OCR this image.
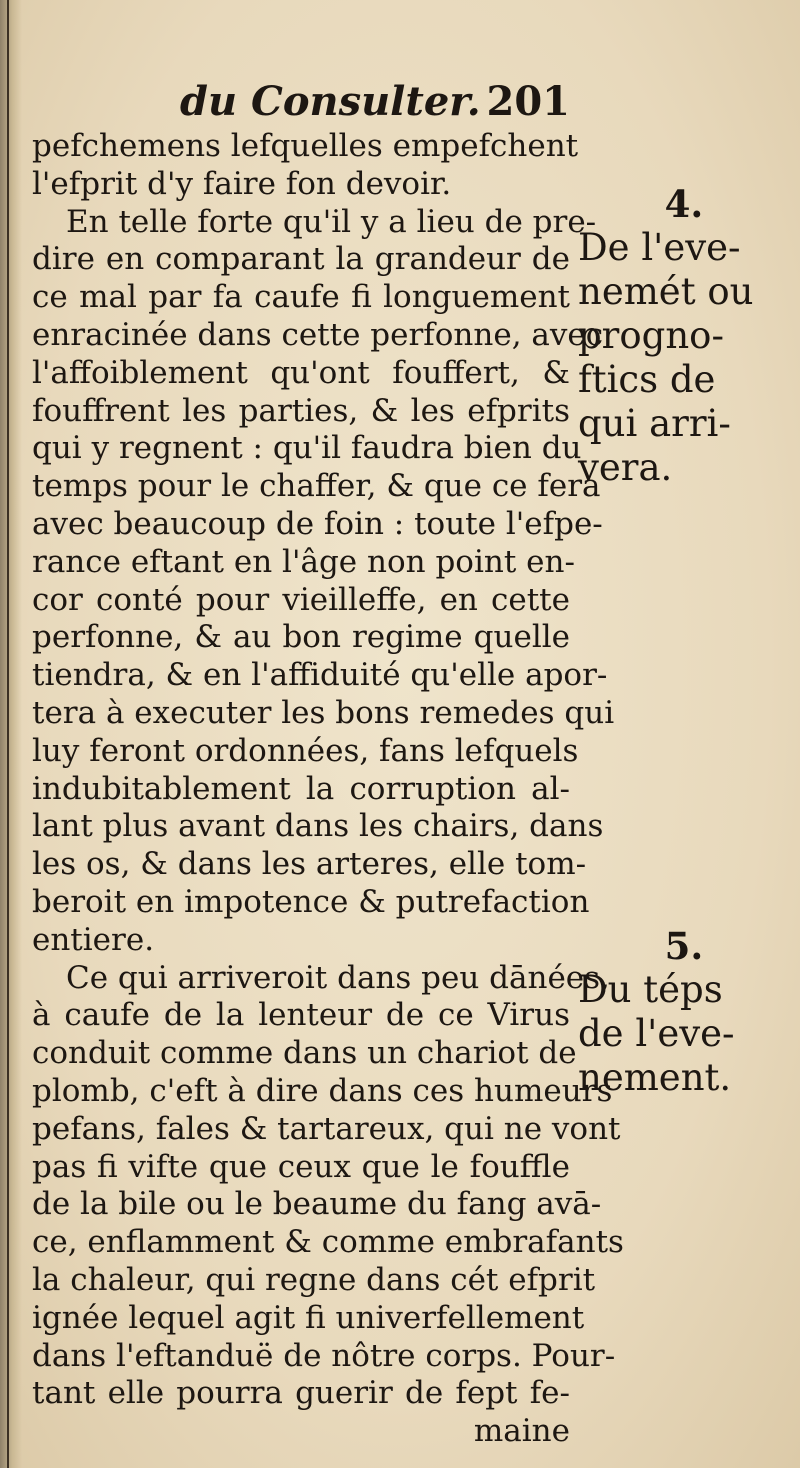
du Consulter. 201
pefchemens lefquelles empefchent
l'efprit d'y faire fon devoir.
En telle forte qu'il y a lieu de pre-
dire en comparant la grandeur de
ce mal par fa caufe fi longuement
enracinée dans cette perfonne, avec
l'affoiblement qu'ont fouffert, &
fouffrent les parties, & les efprits
qui y regnent : qu'il faudra bien du
temps pour le chaffer, & que ce fera
avec beaucoup de foin : toute l'efpe-
rance eftant en l'âge non point en-
cor conté pour vieilleffe, en cette
perfonne, & au bon regime quelle
tiendra, & en l'affiduité qu'elle apor-
tera à executer les bons remedes qui
luy feront ordonnées, fans lefquels
indubitablement la corruption al-
lant plus avant dans les chairs, dans
les os, & dans les arteres, elle tom-
beroit en impotence & putrefaction
entiere.
Ce qui arriveroit dans peu dānées,
à caufe de la lenteur de ce Virus
conduit comme dans un chariot de
plomb, c'eft à dire dans ces humeurs
pefans, fales & tartareux, qui ne vont
pas fi vifte que ceux que le fouffle
de la bile ou le beaume du fang avā-
ce, enflamment & comme embrafants
la chaleur, qui regne dans cét efprit
ignée lequel agit fi univerfellement
dans l'eftanduë de nôtre corps. Pour-
tant elle pourra guerir de fept fe-
maine
4.
De l'eve-
nemét ou
progno-
ftics de
qui arri-
vera.
5.
Du téps
de l'eve-
nement.
